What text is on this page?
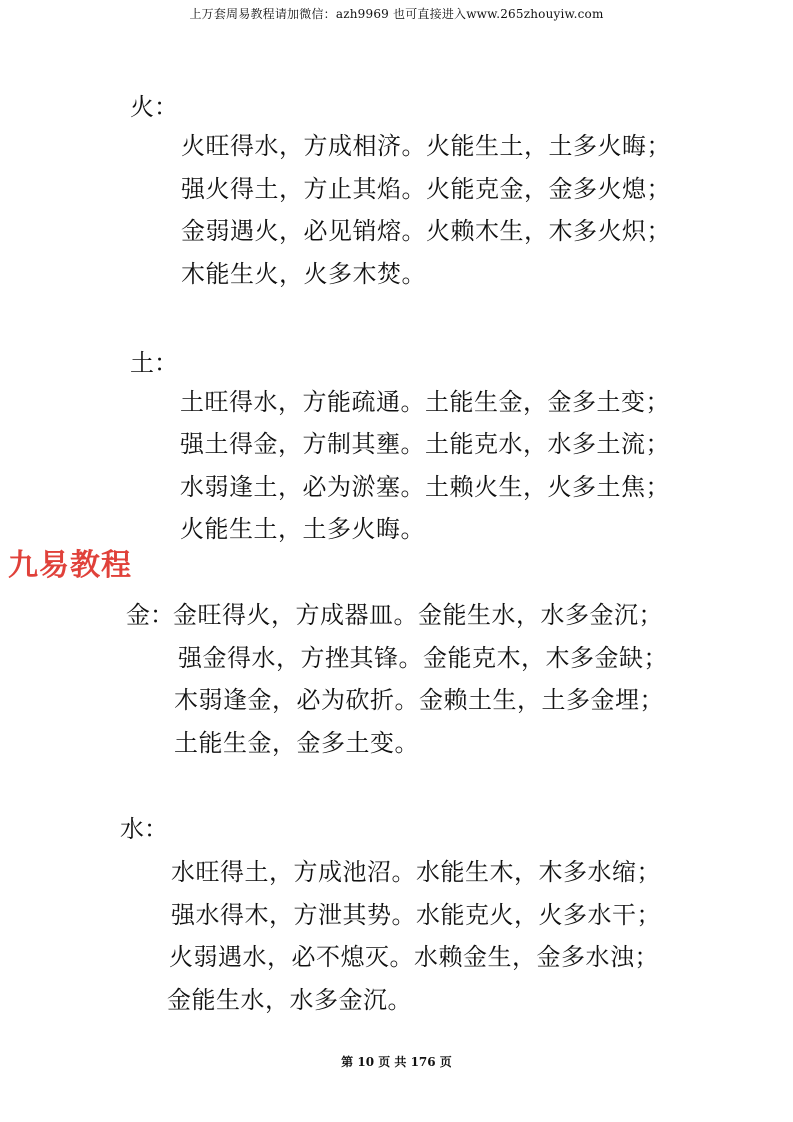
上万套周易教程请加微信：azh9969 也可直接进入www.265zhouyiw.com
火：
火旺得水，方成相济。火能生土，土多火晦；
强火得土，方止其焰。火能克金，金多火熄；
金弱遇火，必见销熔。火赖木生，木多火炽；
木能生火，火多木焚。
土：
土旺得水，方能疏通。土能生金，金多土变；
强土得金，方制其壅。土能克水，水多土流；
水弱逢土，必为淤塞。土赖火生，火多土焦；
火能生土，土多火晦。
九易教程
金： 金旺得火，方成器皿。金能生水，水多金沉；
强金得水，方挫其锋。金能克木，木多金缺；
木弱逢金，必为砍折。金赖土生，土多金埋；
土能生金，金多土变。
水：
水旺得土，方成池沼。水能生木，木多水缩；
强水得木，方泄其势。水能克火，火多水干；
火弱遇水，必不熄灭。水赖金生，金多水浊；
金能生水，水多金沉。
第 10 页 共 176 页
